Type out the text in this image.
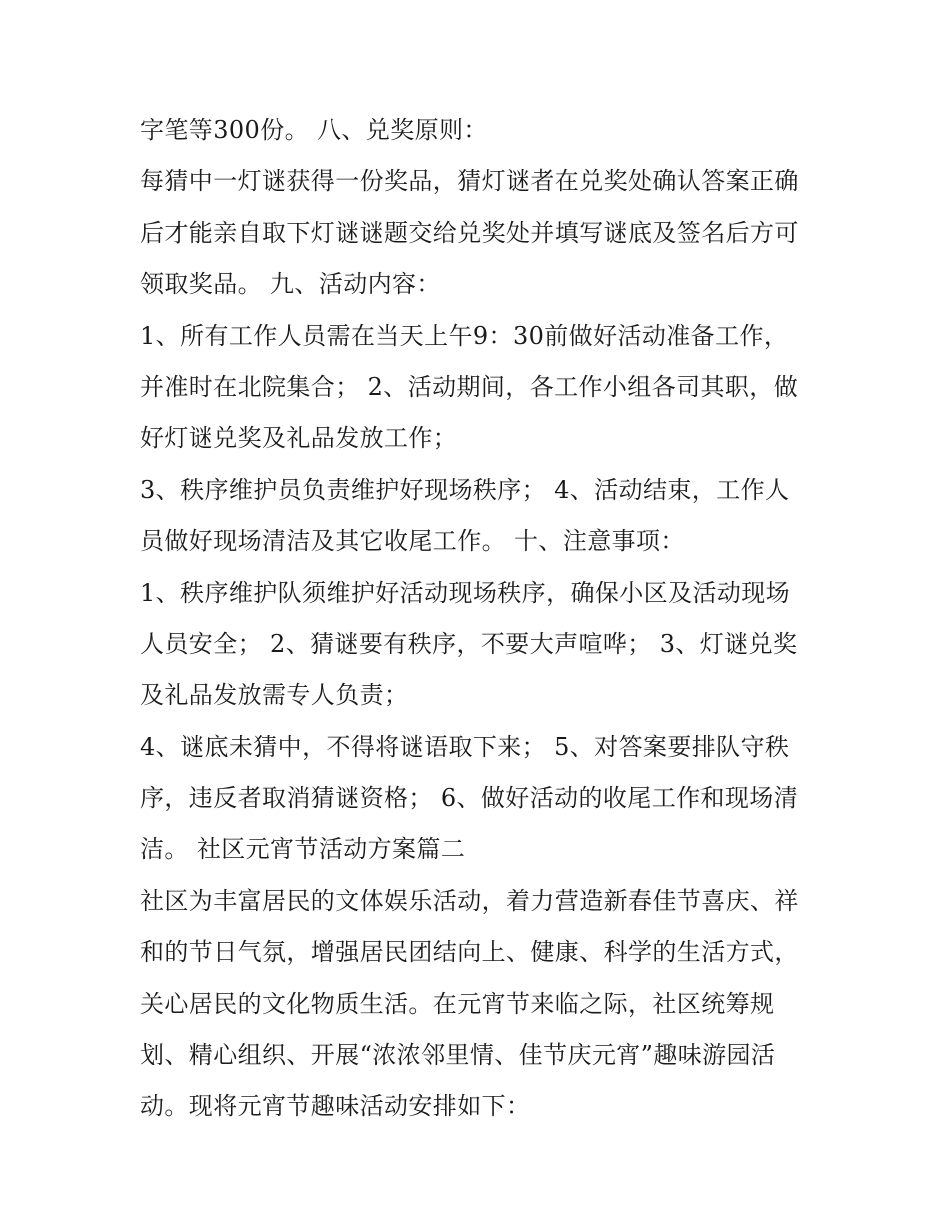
字笔等300份。 八、兑奖原则：
每猜中一灯谜获得一份奖品，猜灯谜者在兑奖处确认答案正确
后才能亲自取下灯谜谜题交给兑奖处并填写谜底及签名后方可
领取奖品。 九、活动内容：
1、所有工作人员需在当天上午9：30前做好活动准备工作，
并准时在北院集合； 2、活动期间，各工作小组各司其职，做
好灯谜兑奖及礼品发放工作；
3、秩序维护员负责维护好现场秩序； 4、活动结束，工作人
员做好现场清洁及其它收尾工作。 十、注意事项：
1、秩序维护队须维护好活动现场秩序，确保小区及活动现场
人员安全； 2、猜谜要有秩序，不要大声喧哗； 3、灯谜兑奖
及礼品发放需专人负责；
4、谜底未猜中，不得将谜语取下来； 5、对答案要排队守秩
序，违反者取消猜谜资格； 6、做好活动的收尾工作和现场清
洁。 社区元宵节活动方案篇二
社区为丰富居民的文体娱乐活动，着力营造新春佳节喜庆、祥
和的节日气氛，增强居民团结向上、健康、科学的生活方式，
关心居民的文化物质生活。在元宵节来临之际，社区统筹规
划、精心组织、开展“浓浓邻里情、佳节庆元宵”趣味游园活
动。现将元宵节趣味活动安排如下：
